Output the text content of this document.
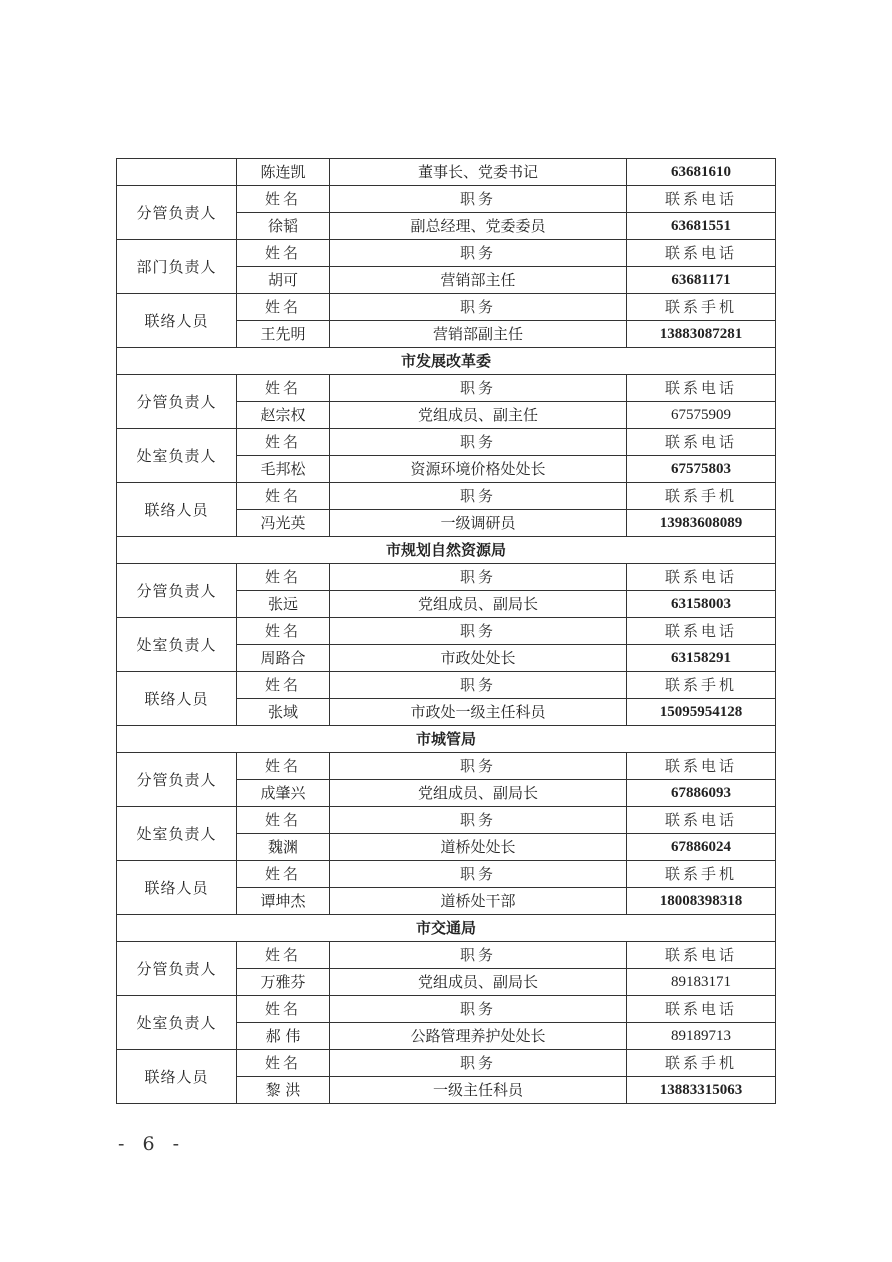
	陈连凯	董事长、党委书记	63681610
分管负责人	姓名	职务	联系电话
	徐韬	副总经理、党委委员	63681551
部门负责人	姓名	职务	联系电话
	胡可	营销部主任	63681171
联络人员	姓名	职务	联系手机
	王先明	营销部副主任	13883087281
市发展改革委			
分管负责人	姓名	职务	联系电话
	赵宗权	党组成员、副主任	67575909
处室负责人	姓名	职务	联系电话
	毛邦松	资源环境价格处处长	67575803
联络人员	姓名	职务	联系手机
	冯光英	一级调研员	13983608089
市规划自然资源局			
分管负责人	姓名	职务	联系电话
	张远	党组成员、副局长	63158003
处室负责人	姓名	职务	联系电话
	周路合	市政处处长	63158291
联络人员	姓名	职务	联系手机
	张域	市政处一级主任科员	15095954128
市城管局			
分管负责人	姓名	职务	联系电话
	成肇兴	党组成员、副局长	67886093
处室负责人	姓名	职务	联系电话
	魏渊	道桥处处长	67886024
联络人员	姓名	职务	联系手机
	谭坤杰	道桥处干部	18008398318
市交通局			
分管负责人	姓名	职务	联系电话
	万雅芬	党组成员、副局长	89183171
处室负责人	姓名	职务	联系电话
	郝 伟	公路管理养护处处长	89189713
联络人员	姓名	职务	联系手机
	黎 洪	一级主任科员	13883315063
- 6 -
